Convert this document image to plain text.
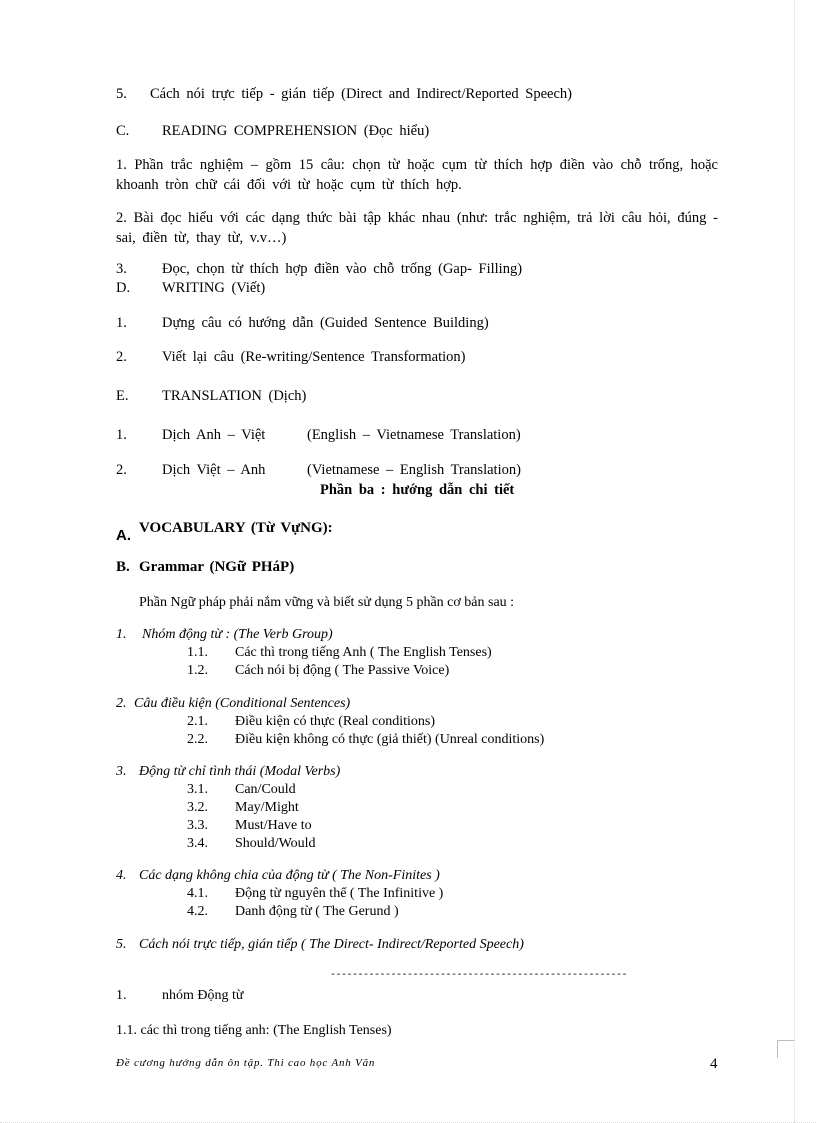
5. Cách nói trực tiếp - gián tiếp (Direct and Indirect/Reported Speech)
C. READING COMPREHENSION (Đọc hiểu)
1. Phần trắc nghiệm – gồm 15 câu: chọn từ hoặc cụm từ thích hợp điền vào chỗ trống, hoặc khoanh tròn chữ cái đối với từ hoặc cụm từ thích hợp.
2. Bài đọc hiểu với các dạng thức bài tập khác nhau (như: trắc nghiệm, trả lời câu hỏi, đúng - sai, điền từ, thay từ, v.v…)
3. Đọc, chọn từ thích hợp điền vào chỗ trống (Gap- Filling)
D. WRITING (Viết)
1. Dựng câu có hướng dẫn (Guided Sentence Building)
2. Viết lại câu (Re-writing/Sentence Transformation)
E. TRANSLATION (Dịch)
1. Dịch Anh – Việt	(English – Vietnamese Translation)
2. Dịch Việt – Anh	(Vietnamese – English Translation)
Phần ba : hướng dẫn chi tiết
A. VOCABULARY (Từ VựNG):
B. Grammar (NGữ PHáP)
Phần Ngữ pháp phải nắm vững và biết sử dụng 5 phần cơ bản sau :
1. Nhóm động từ : (The Verb Group)
1.1. Các thì trong tiếng Anh ( The English Tenses)
1.2. Cách nói bị động ( The Passive Voice)
2. Câu điều kiện (Conditional Sentences)
2.1. Điều kiện có thực (Real conditions)
2.2. Điều kiện không có thực (giả thiết) (Unreal conditions)
3. Động từ chỉ tình thái (Modal Verbs)
3.1. Can/Could
3.2. May/Might
3.3. Must/Have to
3.4. Should/Would
4. Các dạng không chia của động từ ( The Non-Finites )
4.1. Động từ nguyên thể ( The Infinitive )
4.2. Danh động từ ( The Gerund )
5. Cách nói trực tiếp, gián tiếp ( The Direct- Indirect/Reported Speech)
------------------------------------------------------
1.	nhóm Động từ
1.1. các thì trong tiếng anh: (The English Tenses)
Đề cương hướng dẫn ôn tập. Thi cao học Anh Văn	4
